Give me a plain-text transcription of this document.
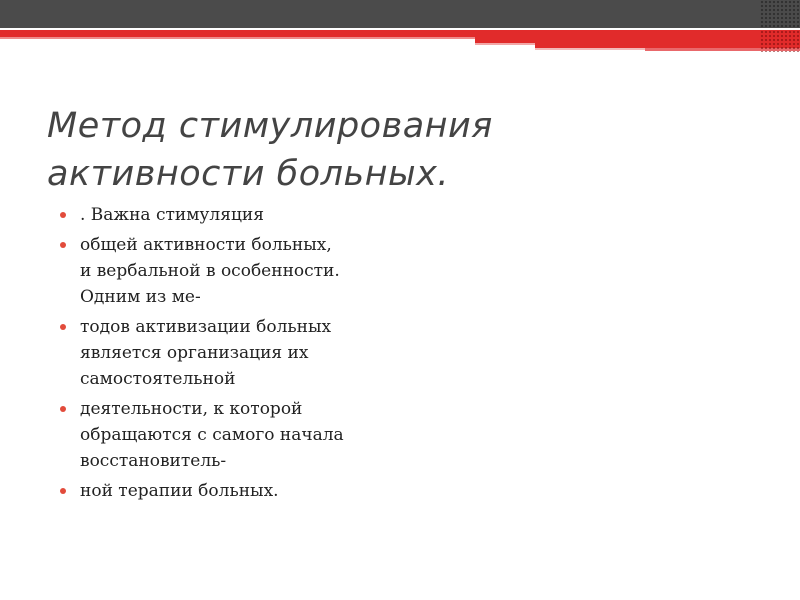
Метод стимулирования
активности больных.
. Важна стимуляция
общей активности больных,
и вербальной в особенности.
Одним из ме-
тодов активизации больных
является организация их
самостоятельной
деятельности, к которой
обращаются с самого начала
восстановитель-
ной терапии больных.
